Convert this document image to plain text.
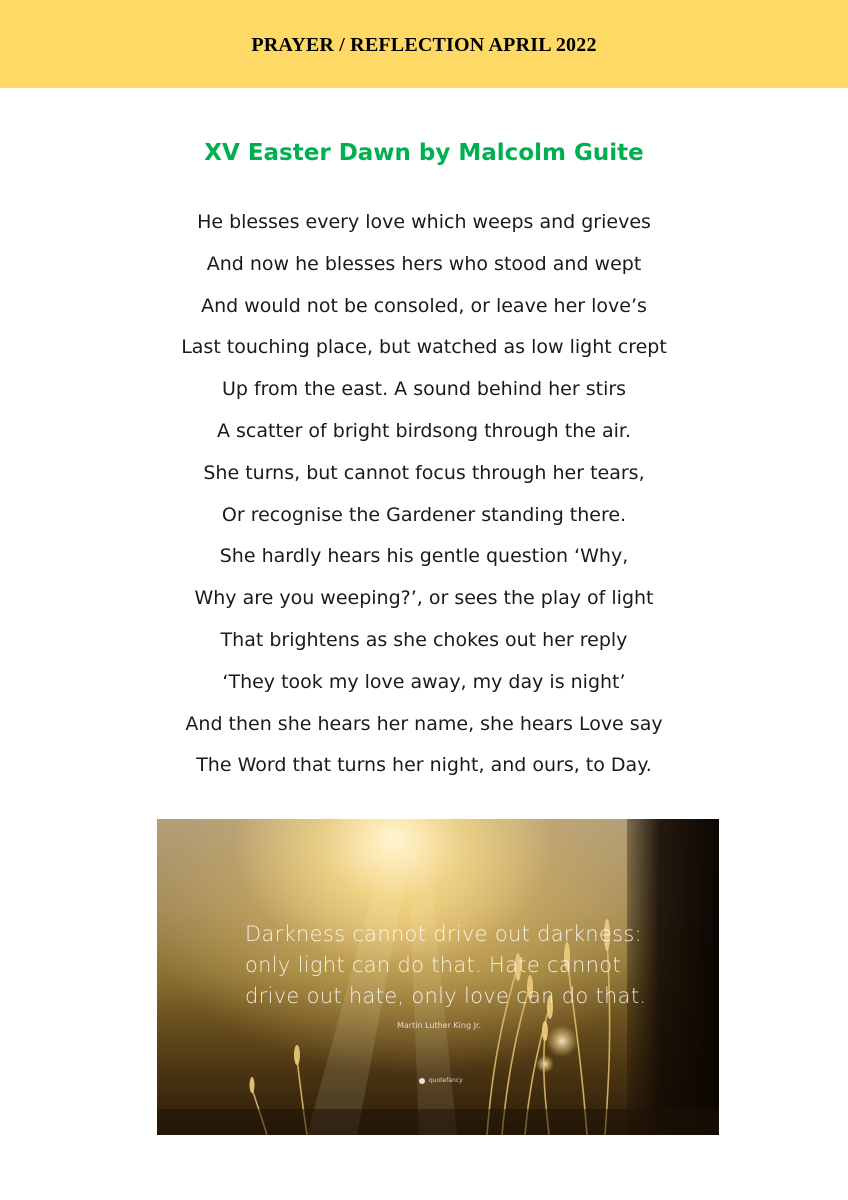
PRAYER / REFLECTION APRIL 2022
XV Easter Dawn by Malcolm Guite
He blesses every love which weeps and grieves
And now he blesses hers who stood and wept
And would not be consoled, or leave her love’s
Last touching place, but watched as low light crept
Up from the east. A sound behind her stirs
A scatter of bright birdsong through the air.
She turns, but cannot focus through her tears,
Or recognise the Gardener standing there.
She hardly hears his gentle question ‘Why,
Why are you weeping?’, or sees the play of light
That brightens as she chokes out her reply
‘They took my love away, my day is night’
And then she hears her name, she hears Love say
The Word that turns her night, and ours, to Day.
Darkness cannot drive out darkness:
only light can do that. Hate cannot
drive out hate, only love can do that.
Martin Luther King Jr.
quotefancy
